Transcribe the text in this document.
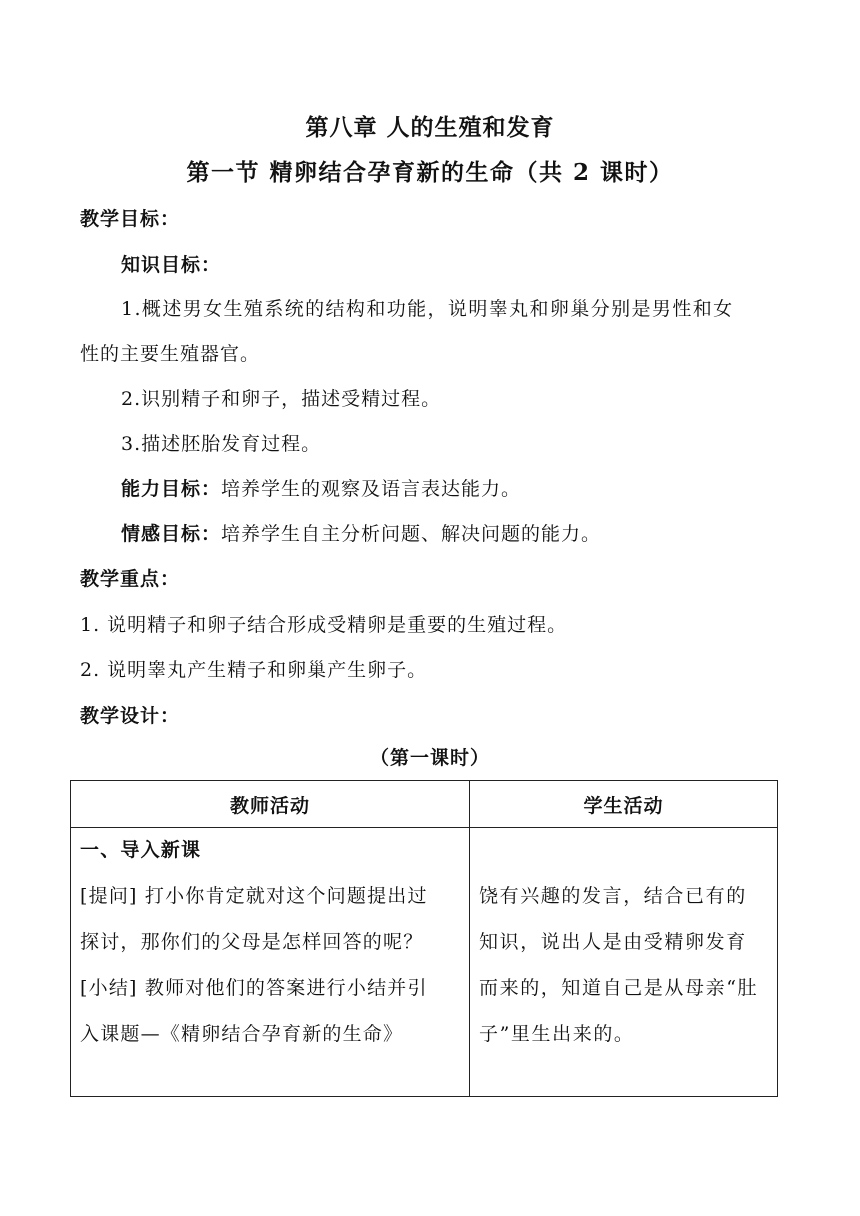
第八章 人的生殖和发育
第一节 精卵结合孕育新的生命（共 2 课时）
教学目标：
知识目标：
1.概述男女生殖系统的结构和功能，说明睾丸和卵巢分别是男性和女
性的主要生殖器官。
2.识别精子和卵子，描述受精过程。
3.描述胚胎发育过程。
能力目标：培养学生的观察及语言表达能力。
情感目标：培养学生自主分析问题、解决问题的能力。
教学重点：
1. 说明精子和卵子结合形成受精卵是重要的生殖过程。
2. 说明睾丸产生精子和卵巢产生卵子。
教学设计：
（第一课时）
教师活动	学生活动

一、导入新课
[提问] 打小你肯定就对这个问题提出过
探讨，那你们的父母是怎样回答的呢？
[小结] 教师对他们的答案进行小结并引
入课题—《精卵结合孕育新的生命》	饶有兴趣的发言，结合已有的
知识，说出人是由受精卵发育
而来的，知道自己是从母亲“肚
子”里生出来的。
